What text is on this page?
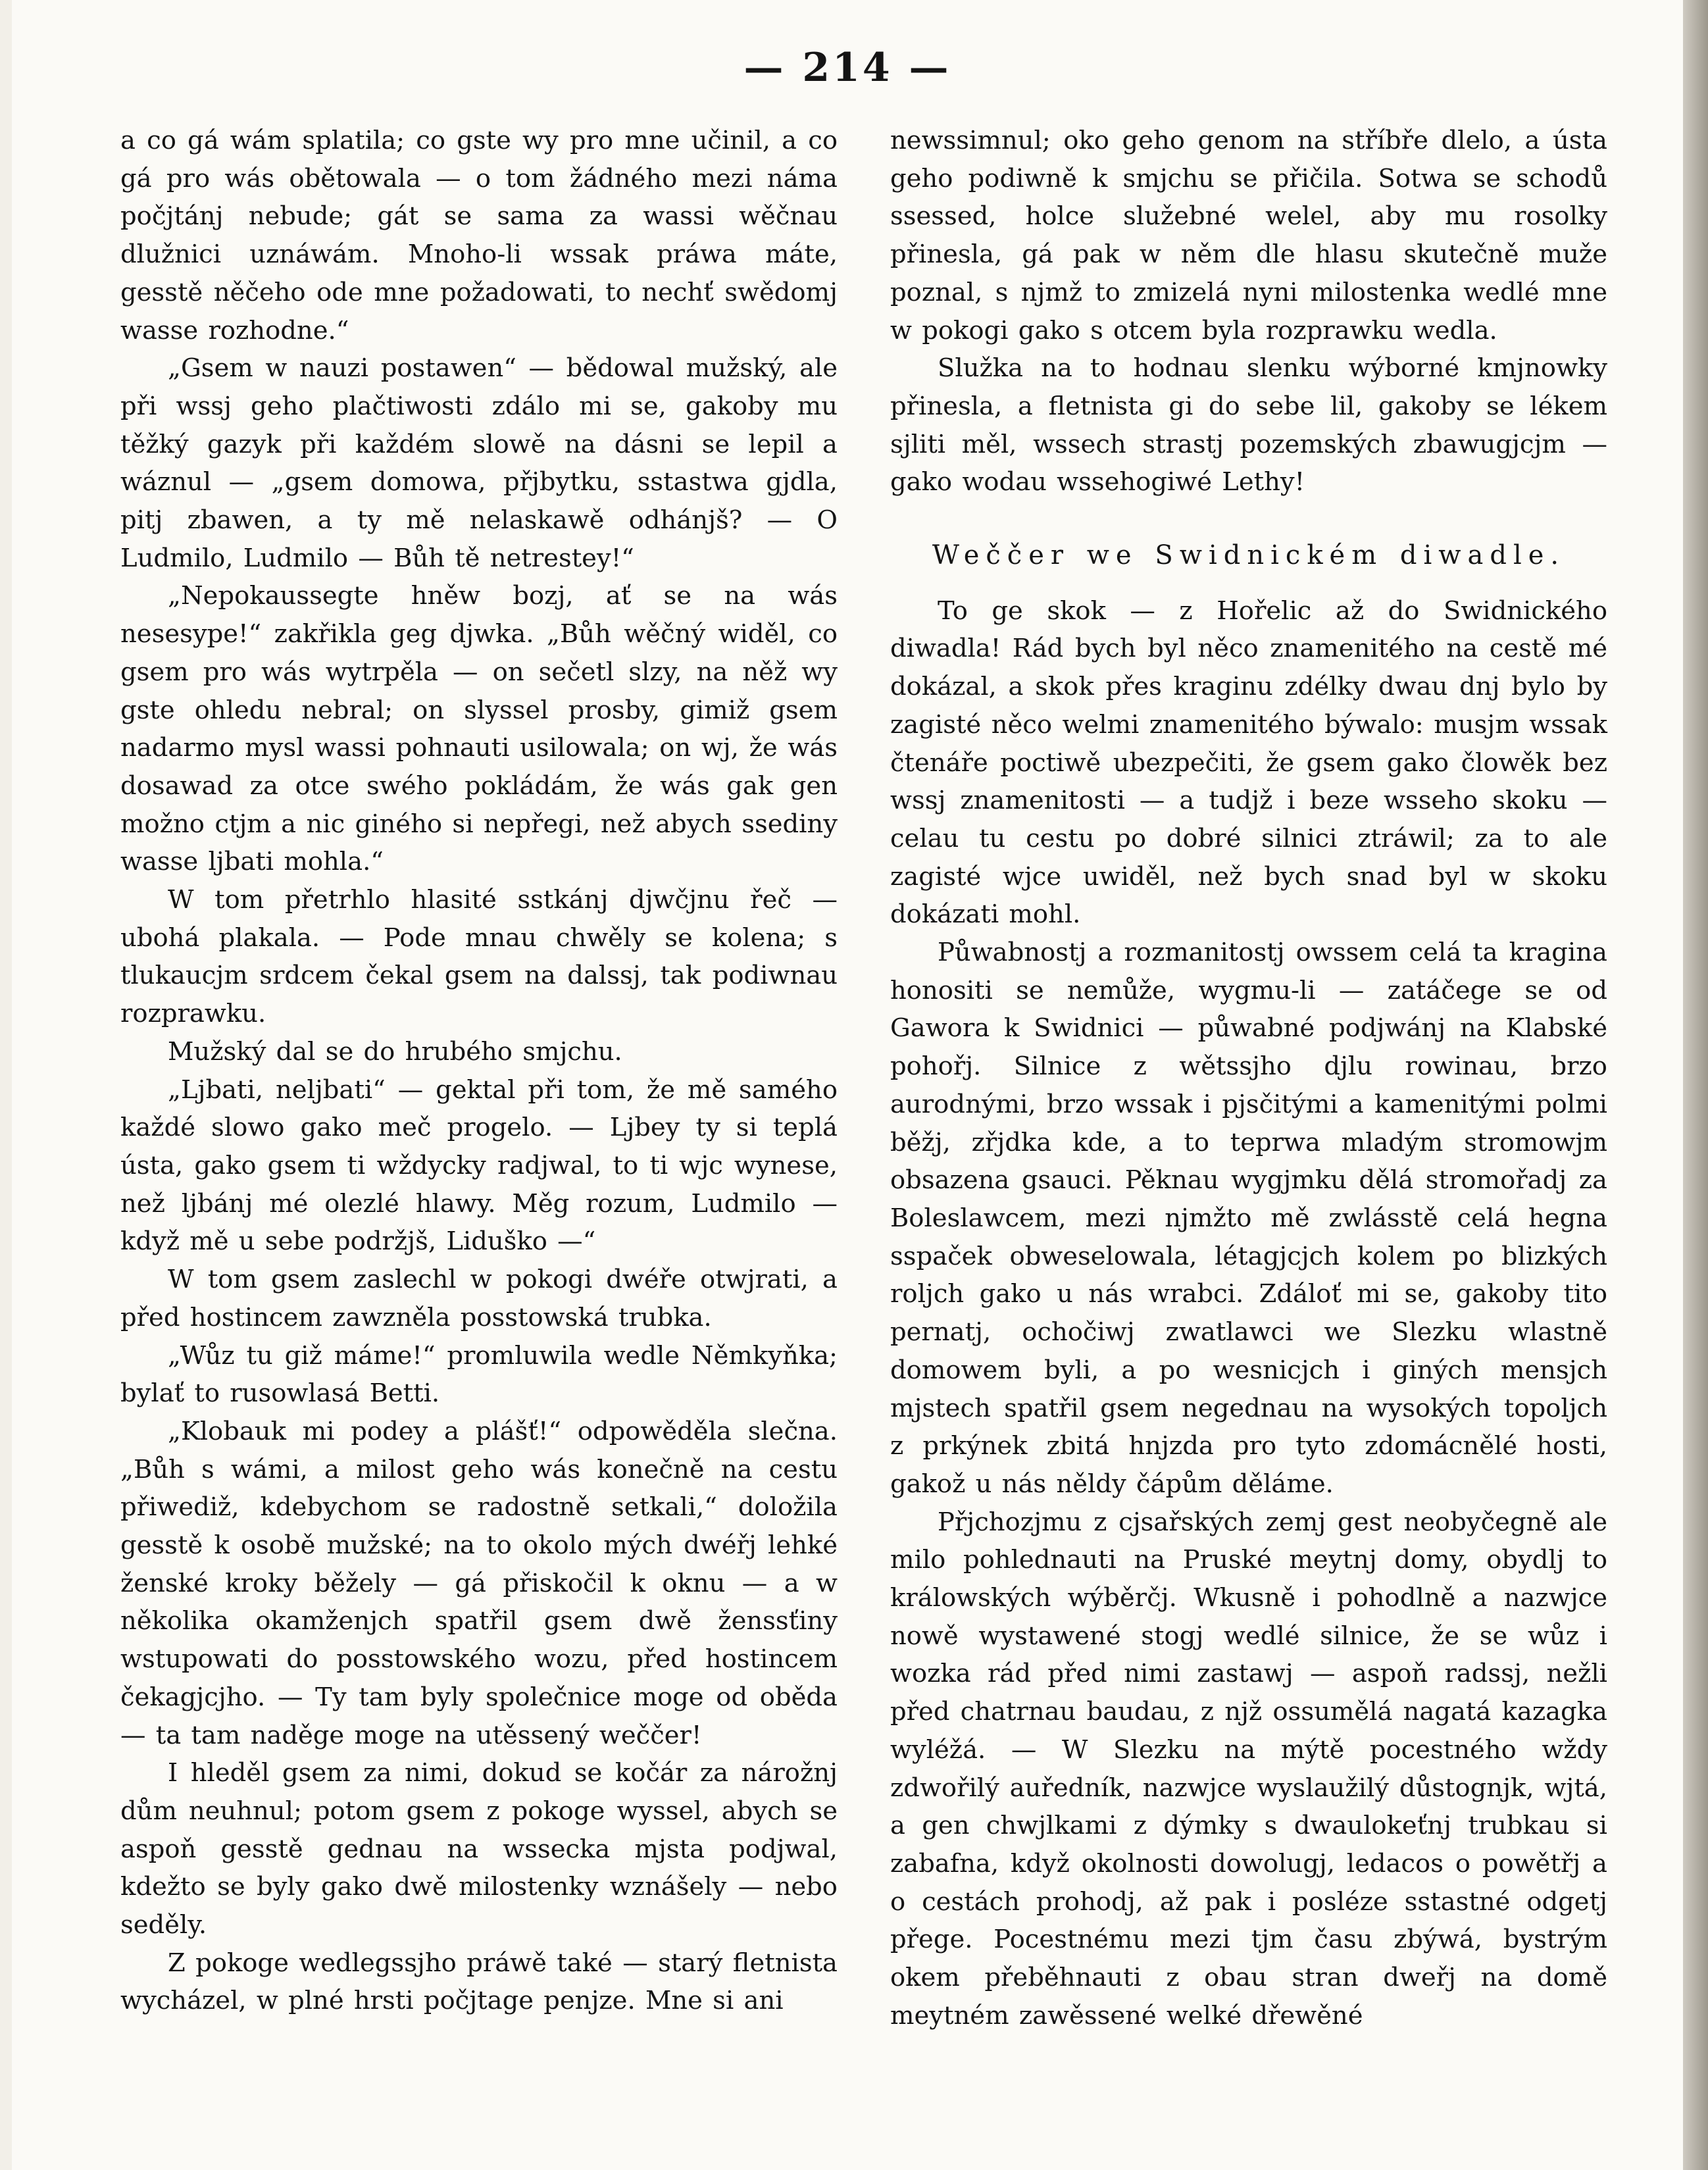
— 214 —

a co gá wám splatila; co gste wy pro mne učinil, a co gá pro wás obětowala — o tom žádného mezi náma počjtánj nebude; gát se sama za wassi wěčnau dlužnici uznáwám. Mnoho-li wssak práwa máte, gesstě něčeho ode mne požadowati, to nechť swědomj wasse rozhodne.“

„Gsem w nauzi postawen“ — bědowal mužský, ale při wssj geho plačtiwosti zdálo mi se, gakoby mu těžký gazyk při každém slowě na dásni se lepil a wáznul — „gsem domowa, přjbytku, sstastwa gjdla, pitj zbawen, a ty mě nelaskawě odhánjš? — O Ludmilo, Ludmilo — Bůh tě netrestey!“

„Nepokaussegte hněw bozj, ať se na wás nesesype!“ zakřikla geg djwka. „Bůh wěčný widěl, co gsem pro wás wytrpěla — on sečetl slzy, na něž wy gste ohledu nebral; on slyssel prosby, gimiž gsem nadarmo mysl wassi pohnauti usilowala; on wj, že wás dosawad za otce swého pokládám, že wás gak gen možno ctjm a nic giného si nepřegi, než abych ssediny wasse ljbati mohla.“

W tom přetrhlo hlasité sstkánj djwčjnu řeč — ubohá plakala. — Pode mnau chwěly se kolena; s tlukaucjm srdcem čekal gsem na dalssj, tak podiwnau rozprawku.

Mužský dal se do hrubého smjchu.

„Ljbati, neljbati“ — gektal při tom, že mě samého každé slowo gako meč progelo. — Ljbey ty si teplá ústa, gako gsem ti wždycky radjwal, to ti wjc wynese, než ljbánj mé olezlé hlawy. Měg rozum, Ludmilo — když mě u sebe podržjš, Liduško —“

W tom gsem zaslechl w pokogi dwéře otwjrati, a před hostincem zawzněla posstowská trubka.

„Wůz tu giž máme!“ promluwila wedle Němkyňka; bylať to rusowlasá Betti.

„Klobauk mi podey a plášť!“ odpowěděla slečna. „Bůh s wámi, a milost geho wás konečně na cestu přiwediž, kdebychom se radostně setkali,“ doložila gesstě k osobě mužské; na to okolo mých dwéřj lehké ženské kroky běžely — gá přiskočil k oknu — a w několika okamženjch spatřil gsem dwě ženssťiny wstupowati do posstowského wozu, před hostincem čekagjcjho. — Ty tam byly společnice moge od oběda — ta tam naděge moge na utěssený weččer!

I hleděl gsem za nimi, dokud se kočár za nárožnj dům neuhnul; potom gsem z pokoge wyssel, abych se aspoň gesstě gednau na wssecka mjsta podjwal, kdežto se byly gako dwě milostenky wznášely — nebo seděly.

Z pokoge wedlegssjho práwě také — starý fletnista wycházel, w plné hrsti počjtage penjze. Mne si ani

newssimnul; oko geho genom na stříbře dlelo, a ústa geho podiwně k smjchu se přičila. Sotwa se schodů ssessed, holce služebné welel, aby mu rosolky přinesla, gá pak w něm dle hlasu skutečně muže poznal, s njmž to zmizelá nyni milostenka wedlé mne w pokogi gako s otcem byla rozprawku wedla.

Služka na to hodnau slenku wýborné kmjnowky přinesla, a fletnista gi do sebe lil, gakoby se lékem sjliti měl, wssech strastj pozemských zbawugjcjm — gako wodau wssehogiwé Lethy!

Weččer we Swidnickém diwadle.

To ge skok — z Hořelic až do Swidnického diwadla! Rád bych byl něco znamenitého na cestě mé dokázal, a skok přes kraginu zdélky dwau dnj bylo by zagisté něco welmi znamenitého býwalo: musjm wssak čtenáře poctiwě ubezpečiti, že gsem gako člowěk bez wssj znamenitosti — a tudjž i beze wsseho skoku — celau tu cestu po dobré silnici ztráwil; za to ale zagisté wjce uwiděl, než bych snad byl w skoku dokázati mohl.

Půwabnostj a rozmanitostj owssem celá ta kragina honositi se nemůže, wygmu-li — zatáčege se od Gawora k Swidnici — půwabné podjwánj na Klabské pohořj. Silnice z wětssjho djlu rowinau, brzo aurodnými, brzo wssak i pjsčitými a kamenitými polmi běžj, zřjdka kde, a to teprwa mladým stromowjm obsazena gsauci. Pěknau wygjmku dělá stromořadj za Boleslawcem, mezi njmžto mě zwlásstě celá hegna sspaček obweselowala, létagjcjch kolem po blizkých roljch gako u nás wrabci. Zdáloť mi se, gakoby tito pernatj, ochočiwj zwatlawci we Slezku wlastně domowem byli, a po wesnicjch i giných mensjch mjstech spatřil gsem negednau na wysokých topoljch z prkýnek zbitá hnjzda pro tyto zdomácnělé hosti, gakož u nás něldy čápům děláme.

Přjchozjmu z cjsařských zemj gest neobyčegně ale milo pohlednauti na Pruské meytnj domy, obydlj to králowských wýběrčj. Wkusně i pohodlně a nazwjce nowě wystawené stogj wedlé silnice, že se wůz i wozka rád před nimi zastawj — aspoň radssj, nežli před chatrnau baudau, z njž ossumělá nagatá kazagka wyléžá. — W Slezku na mýtě pocestného wždy zdwořilý auředník, nazwjce wyslaužilý důstognjk, wjtá, a gen chwjlkami z dýmky s dwaulokeťnj trubkau si zabafna, když okolnosti dowolugj, ledacos o powětřj a o cestách prohodj, až pak i posléze sstastné odgetj přege. Pocestnému mezi tjm času zbýwá, bystrým okem přeběhnauti z obau stran dweřj na domě meytném zawěssené welké dřewěné
